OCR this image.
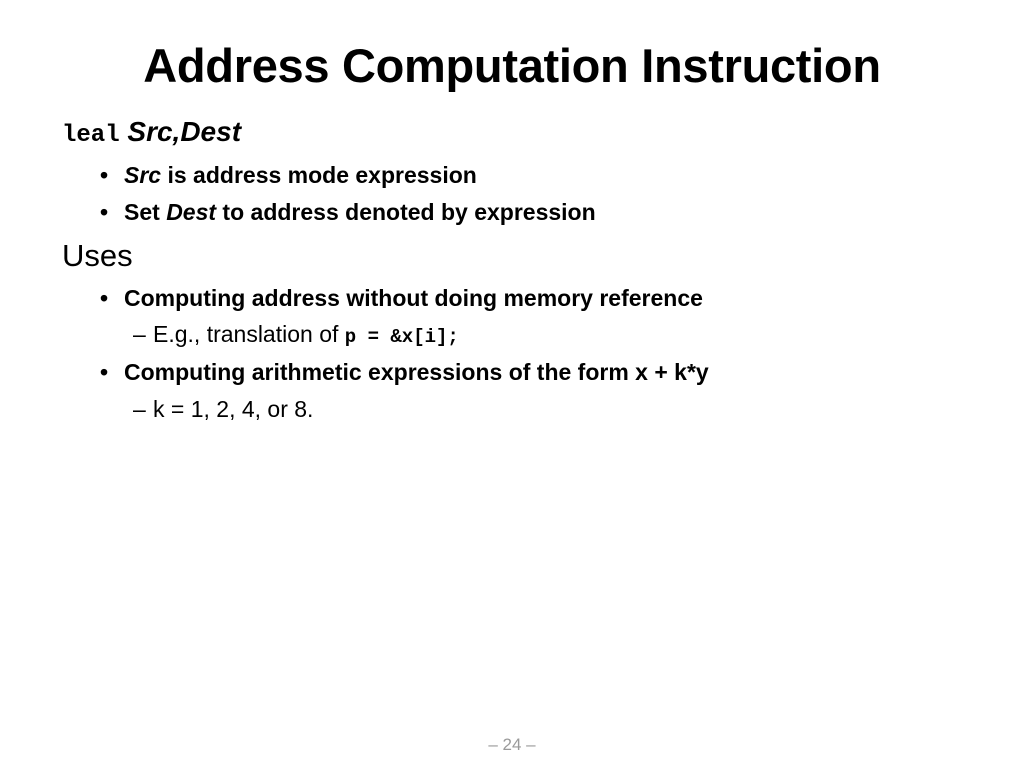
Address Computation Instruction
leal Src,Dest
• Src is address mode expression
• Set Dest to address denoted by expression
Uses
• Computing address without doing memory reference
– E.g., translation of p = &x[i];
• Computing arithmetic expressions of the form x + k*y
– k = 1, 2, 4, or 8.
– 24 –
